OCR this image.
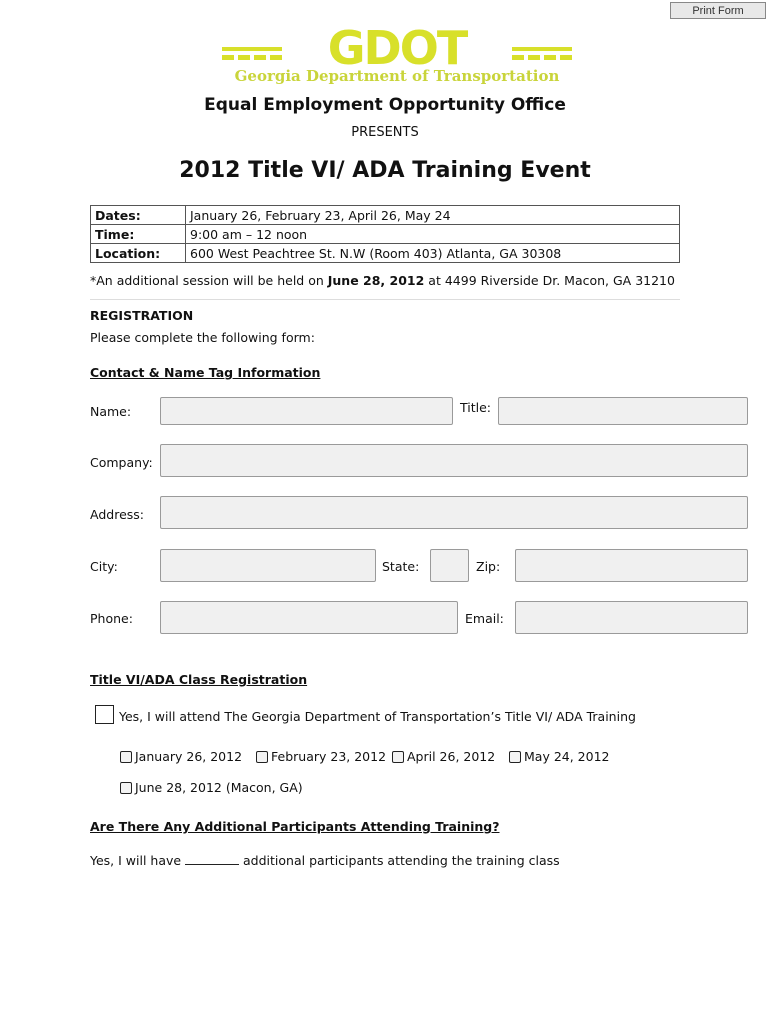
Print Form
GDOT
Georgia Department of Transportation
Equal Employment Opportunity Office
PRESENTS
2012 Title VI/ ADA Training Event
Dates:	January 26, February 23, April 26, May 24
Time:	9:00 am – 12 noon
Location:	600 West Peachtree St. N.W (Room 403) Atlanta, GA 30308
*An additional session will be held on June 28, 2012 at 4499 Riverside Dr. Macon, GA 31210
REGISTRATION
Please complete the following form:
Contact & Name Tag Information
Name:	Title:
Company:
Address:
City:	State:	Zip:
Phone:	Email:
Title VI/ADA Class Registration
Yes, I will attend The Georgia Department of Transportation’s Title VI/ ADA Training
January 26, 2012 February 23, 2012 April 26, 2012 May 24, 2012
June 28, 2012 (Macon, GA)
Are There Any Additional Participants Attending Training?
Yes, I will have	additional participants attending the training class
